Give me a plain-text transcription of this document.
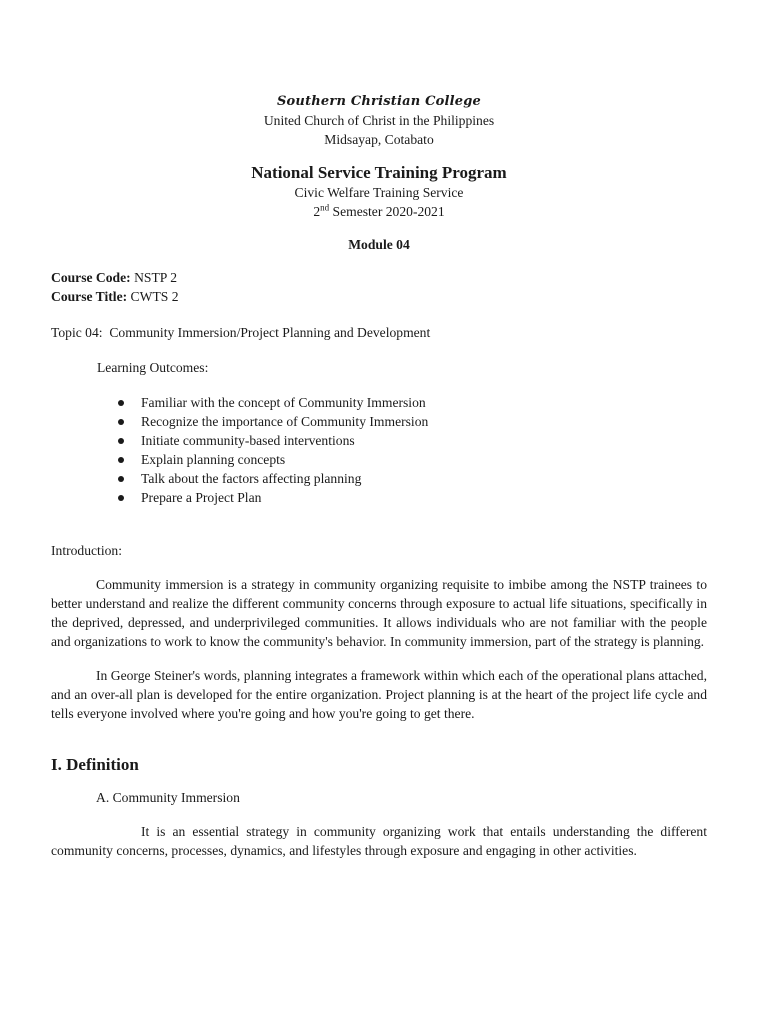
Southern Christian College
United Church of Christ in the Philippines
Midsayap, Cotabato
National Service Training Program
Civic Welfare Training Service
2nd Semester 2020-2021
Module 04
Course Code: NSTP 2
Course Title: CWTS 2
Topic 04:  Community Immersion/Project Planning and Development
Learning Outcomes:
Familiar with the concept of Community Immersion
Recognize the importance of Community Immersion
Initiate community-based interventions
Explain planning concepts
Talk about the factors affecting planning
Prepare a Project Plan
Introduction:

Community immersion is a strategy in community organizing requisite to imbibe among the NSTP trainees to better understand and realize the different community concerns through exposure to actual life situations, specifically in the deprived, depressed, and underprivileged communities. It allows individuals who are not familiar with the people and organizations to work to know the community's behavior. In community immersion, part of the strategy is planning.

In George Steiner's words, planning integrates a framework within which each of the operational plans attached, and an over-all plan is developed for the entire organization. Project planning is at the heart of the project life cycle and tells everyone involved where you're going and how you're going to get there.

I. Definition
A. Community Immersion

It is an essential strategy in community organizing work that entails understanding the different community concerns, processes, dynamics, and lifestyles through exposure and engaging in other activities.
